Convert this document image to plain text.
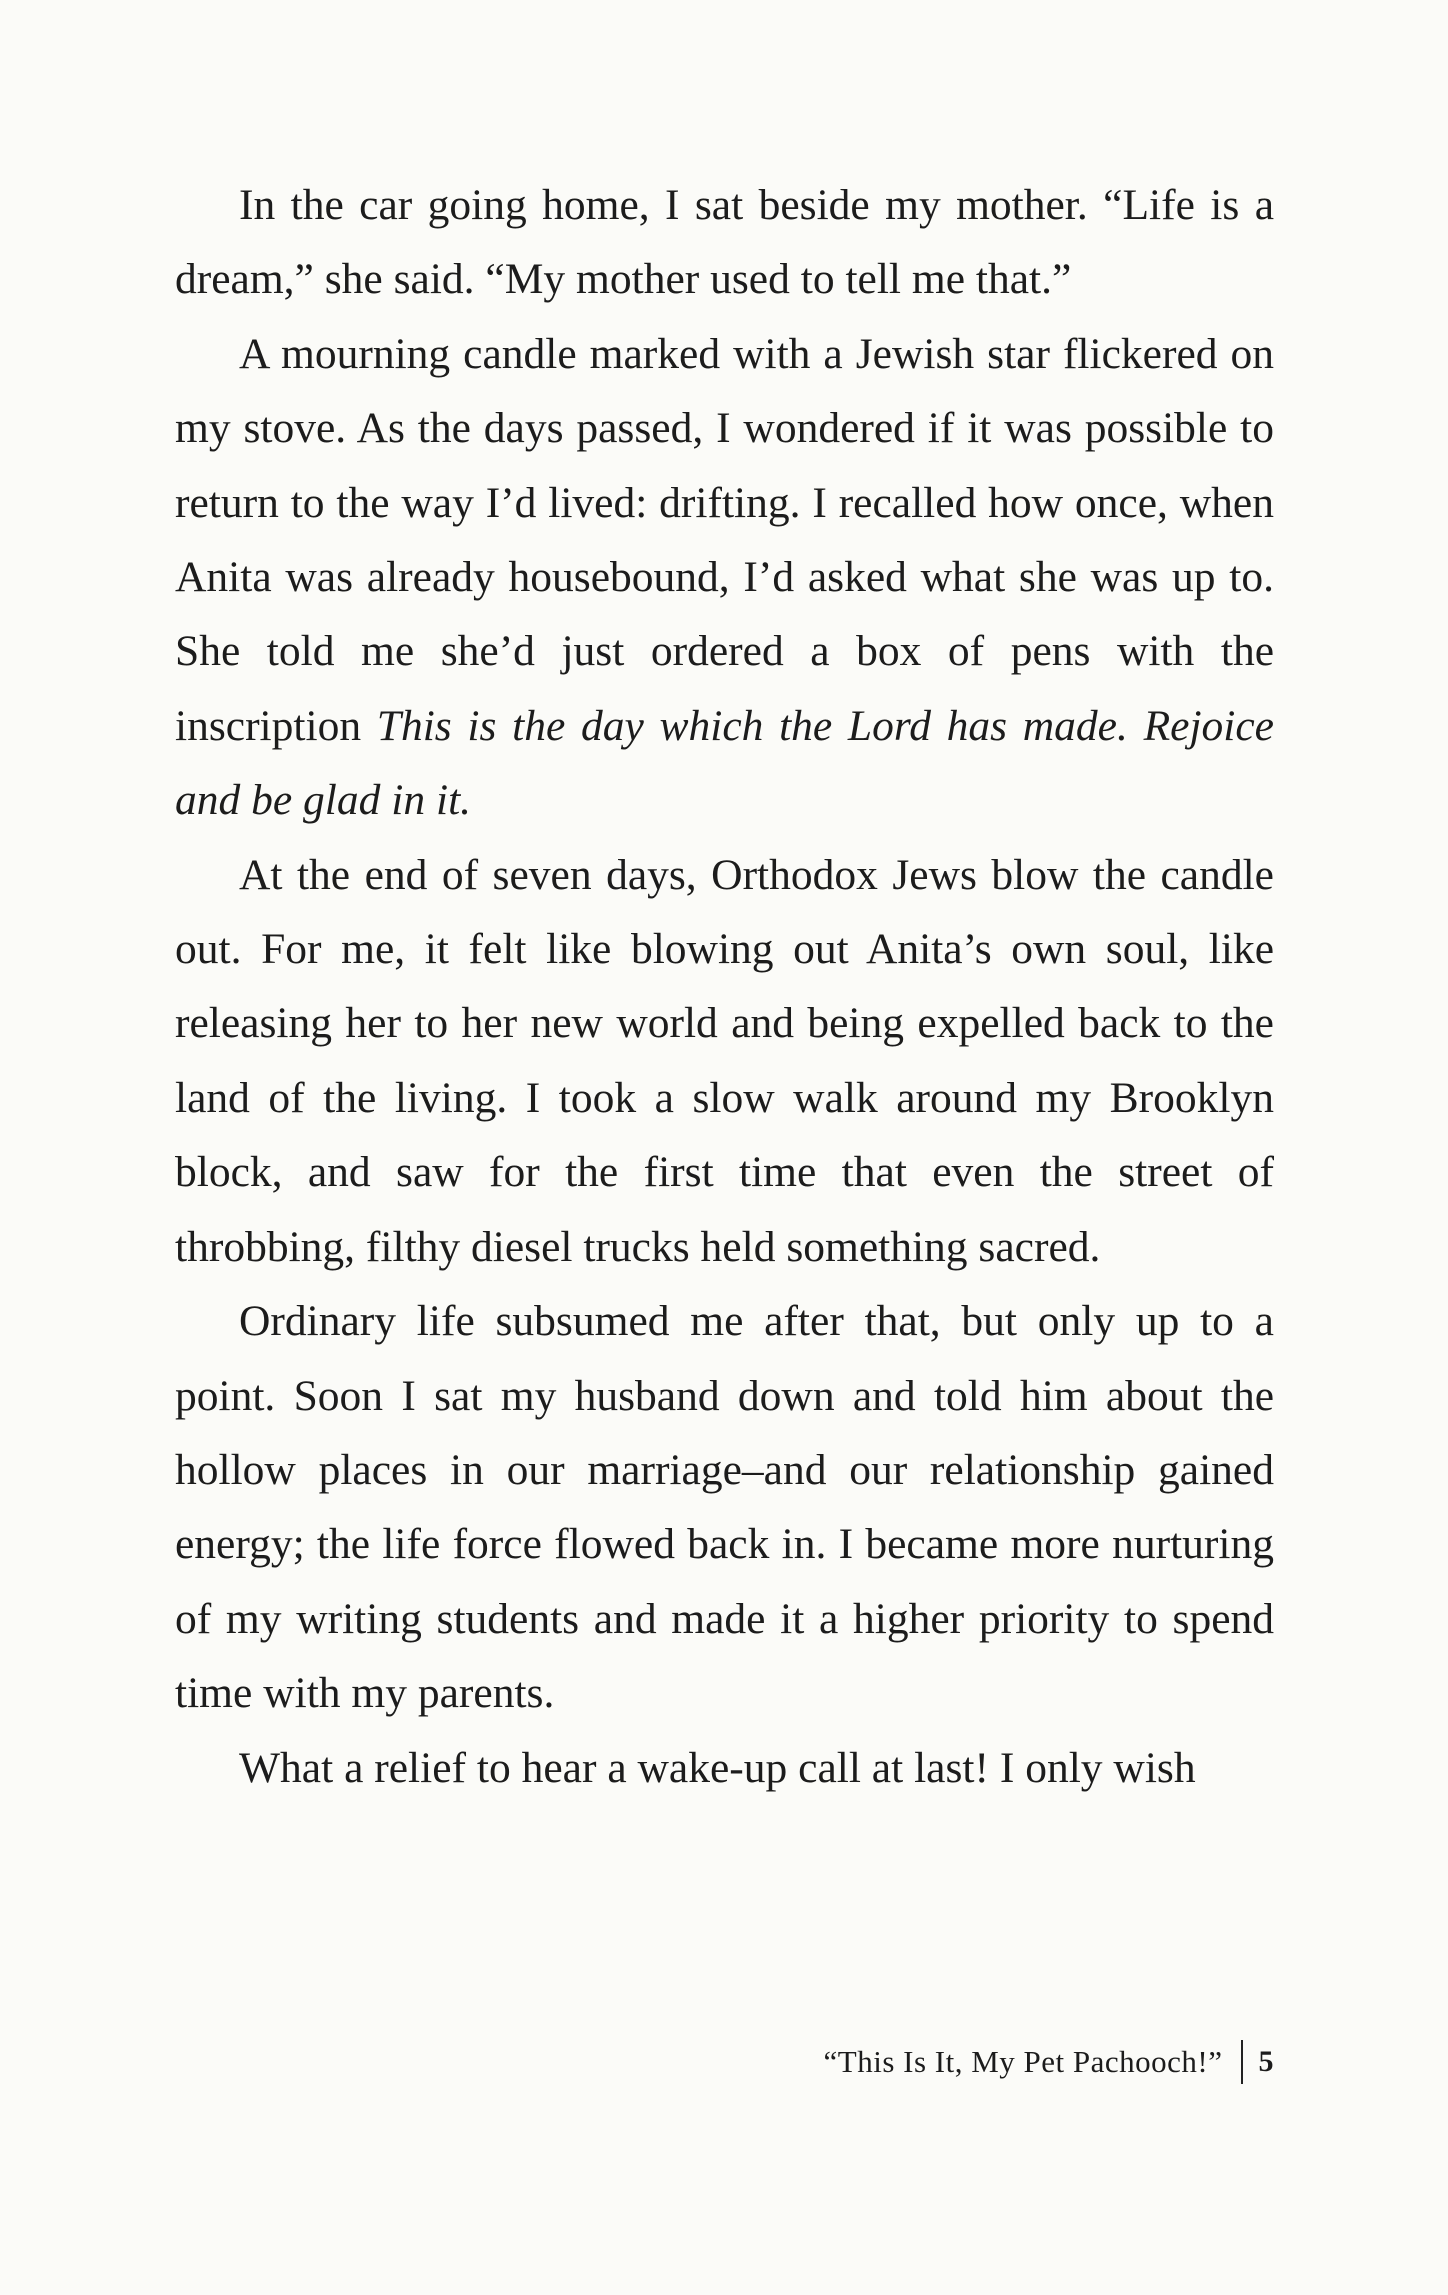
In the car going home, I sat beside my mother. “Life is a dream,” she said. “My mother used to tell me that.”

A mourning candle marked with a Jewish star flickered on my stove. As the days passed, I wondered if it was possible to return to the way I’d lived: drifting. I recalled how once, when Anita was already housebound, I’d asked what she was up to. She told me she’d just ordered a box of pens with the inscription This is the day which the Lord has made. Rejoice and be glad in it.

At the end of seven days, Orthodox Jews blow the candle out. For me, it felt like blowing out Anita’s own soul, like releasing her to her new world and being expelled back to the land of the living. I took a slow walk around my Brooklyn block, and saw for the first time that even the street of throbbing, filthy diesel trucks held something sacred.

Ordinary life subsumed me after that, but only up to a point. Soon I sat my husband down and told him about the hollow places in our marriage–and our relationship gained energy; the life force flowed back in. I became more nurturing of my writing students and made it a higher priority to spend time with my parents.

What a relief to hear a wake-up call at last! I only wish

“This Is It, My Pet Pachooch!” 5
